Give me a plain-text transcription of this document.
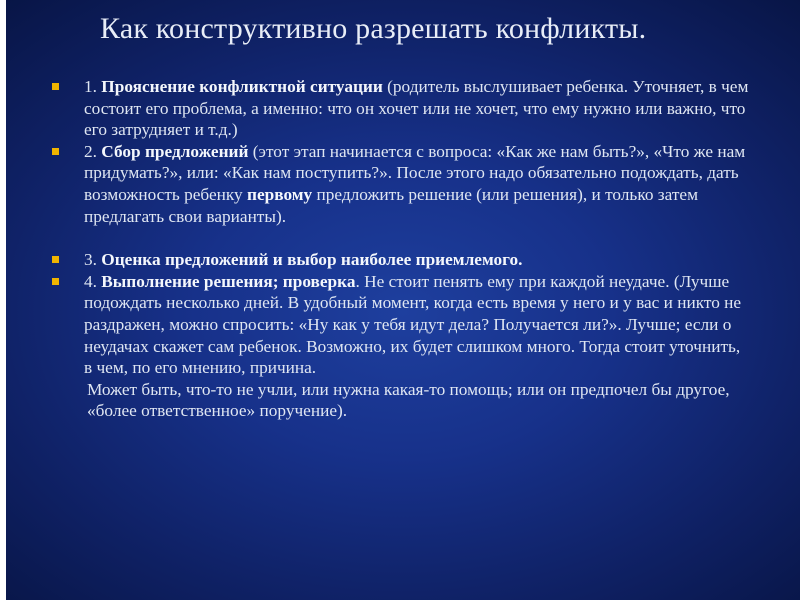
Как конструктивно разрешать конфликты.
1. Прояснение конфликтной ситуации (родитель выслушивает ребенка. Уточняет, в чем состоит его проблема, а именно: что он хочет или не хочет, что ему нужно или важно, что его затрудняет и т.д.)
2. Сбор предложений (этот этап начинается с вопроса: «Как же нам быть?», «Что же нам придумать?», или: «Как нам поступить?». После этого надо обязательно подождать, дать возможность ребенку первому предложить решение (или решения), и только затем предлагать свои варианты).
3. Оценка предложений и выбор наиболее приемлемого.
4. Выполнение решения; проверка. Не стоит пенять ему при каждой неудаче. (Лучше подождать несколько дней. В удобный момент, когда есть время у него и у вас и никто не раздражен, можно спросить: «Ну как у тебя идут дела? Получается ли?». Лучше; если о неудачах скажет сам ребенок. Возможно, их будет слишком много. Тогда стоит уточнить, в чем, по его мнению, причина.
Может быть, что-то не учли, или нужна какая-то помощь; или он предпочел бы другое, «более ответственное» поручение).
